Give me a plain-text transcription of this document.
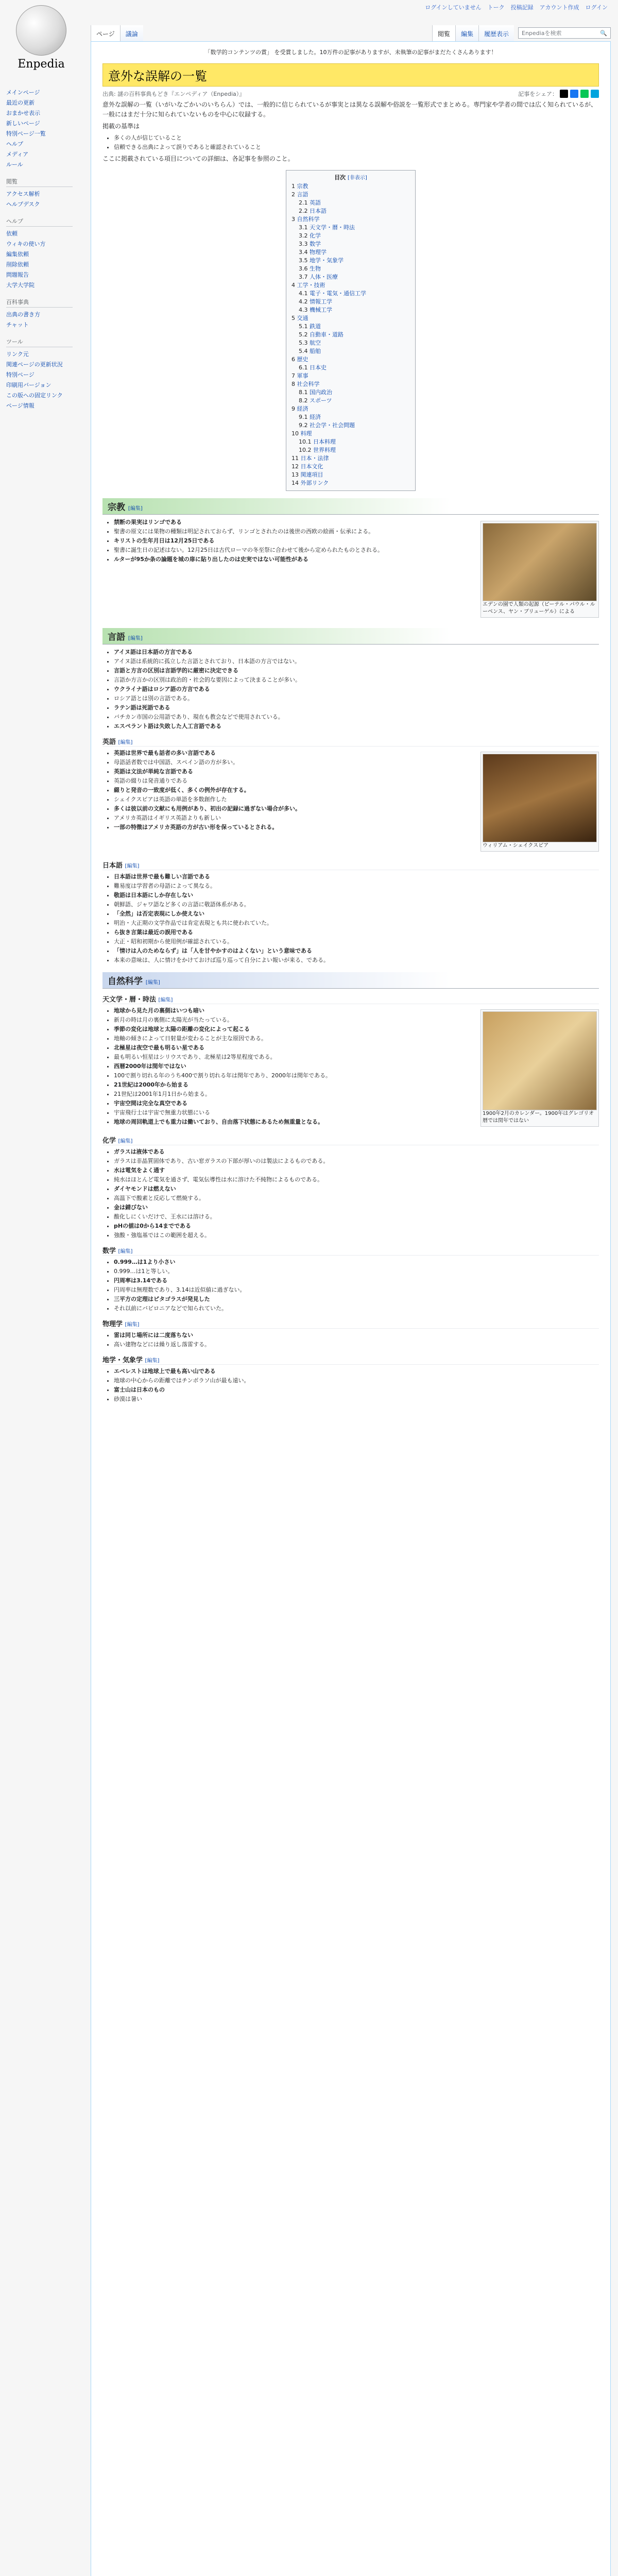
ログインしていません トーク 投稿記録 アカウント作成 ログイン
Enpedia
メインページ
最近の更新
おまかせ表示
新しいページ
特別ページ一覧
ヘルプ
メディア
ルール
閲覧
アクセス解析
ヘルプデスク
ヘルプ
依頼
ウィキの使い方
編集依頼
削除依頼
問題報告
大学大学院
百科事典
出典の書き方
チャット
ツール
リンク元
関連ページの更新状況
特別ページ
印刷用バージョン
この版への固定リンク
ページ情報
ページ	議論	閲覧	編集	履歴表示	Enpediaを検索	🔍
「数学的コンテンツの賞」 を受賞しました。10万件の記事がありますが、未執筆の記事がまだたくさんあります！
意外な誤解の一覧
出典: 謎の百科事典もどき『エンペディア（Enpedia）』	記事をシェア：

意外な誤解の一覧（いがいなごかいのいちらん）では、一般的に信じられているが事実とは異なる誤解や俗説を一覧形式でまとめる。専門家や学者の間では広く知られているが、一般にはまだ十分に知られていないものを中心に収録する。

掲載の基準は

• 多くの人が信じていること
• 信頼できる出典によって誤りであると確認されていること

ここに掲載されている項目についての詳細は、各記事を参照のこと。

目次 [非表示]
1 宗教
2 言語
2.1 英語
2.2 日本語
3 自然科学
3.1 天文学・暦・時法
3.2 化学
3.3 数学
3.4 物理学
3.5 地学・気象学
3.6 生物
3.7 人体・医療
4 工学・技術
4.1 電子・電気・通信工学
4.2 情報工学
4.3 機械工学
5 交通
5.1 鉄道
5.2 自動車・道路
5.3 航空
5.4 船舶
6 歴史
6.1 日本史
7 軍事
8 社会科学
8.1 国内政治
8.2 スポーツ
9 経済
9.1 経済
9.2 社会学・社会問題
10 料理
10.1 日本料理
10.2 世界料理
11 日本・法律
12 日本文化
13 関連項目
14 外部リンク
宗教 [編集]
エデンの園で人類の起源（ピーテル・パウル・ルーベンス、ヤン・ブリューゲル）による
• 禁断の果実はリンゴである
• 聖書の原文には果物の種類は明記されておらず、リンゴとされたのは後世の西欧の絵画・伝承による。
• キリストの生年月日は12月25日である
• 聖書に誕生日の記述はない。12月25日は古代ローマの冬至祭に合わせて後から定められたものとされる。
• ルターが95か条の論題を城の扉に貼り出したのは史実ではない可能性がある
言語 [編集]
• アイヌ語は日本語の方言である
• アイヌ語は系統的に孤立した言語とされており、日本語の方言ではない。
• 言語と方言の区別は言語学的に厳密に決定できる
• 言語か方言かの区別は政治的・社会的な要因によって決まることが多い。
• ウクライナ語はロシア語の方言である
• ロシア語とは別の言語である。
• ラテン語は死語である
• バチカン市国の公用語であり、現在も教会などで使用されている。
• エスペラント語は失敗した人工言語である
英語 [編集]
ウィリアム・シェイクスピア
• 英語は世界で最も話者の多い言語である
• 母語話者数では中国語、スペイン語の方が多い。
• 英語は文法が単純な言語である
• 英語の綴りは発音通りである
• 綴りと発音の一致度が低く、多くの例外が存在する。
• シェイクスピアは英語の単語を多数創作した
• 多くは彼以前の文献にも用例があり、初出の記録に過ぎない場合が多い。
• アメリカ英語はイギリス英語よりも新しい
• 一部の特徴はアメリカ英語の方が古い形を保っているとされる。
日本語 [編集]
• 日本語は世界で最も難しい言語である
• 難易度は学習者の母語によって異なる。
• 敬語は日本語にしか存在しない
• 朝鮮語、ジャワ語など多くの言語に敬語体系がある。
• 「全然」は否定表現にしか使えない
• 明治・大正期の文学作品では肯定表現とも共に使われていた。
• ら抜き言葉は最近の誤用である
• 大正・昭和初期から使用例が確認されている。
• 「情けは人のためならず」は「人を甘やかすのはよくない」という意味である
• 本来の意味は、人に情けをかけておけば巡り巡って自分によい報いが来る、である。
自然科学 [編集]
天文学・暦・時法 [編集]
1900年2月のカレンダー。1900年はグレゴリオ暦では閏年ではない
• 地球から見た月の裏側はいつも暗い
• 新月の時は月の裏側に太陽光が当たっている。
• 季節の変化は地球と太陽の距離の変化によって起こる
• 地軸の傾きによって日射量が変わることが主な原因である。
• 北極星は夜空で最も明るい星である
• 最も明るい恒星はシリウスであり、北極星は2等星程度である。
• 西暦2000年は閏年ではない
• 100で割り切れる年のうち400で割り切れる年は閏年であり、2000年は閏年である。
• 21世紀は2000年から始まる
• 21世紀は2001年1月1日から始まる。
• 宇宙空間は完全な真空である
• 宇宙飛行士は宇宙で無重力状態にいる
• 地球の周回軌道上でも重力は働いており、自由落下状態にあるため無重量となる。
化学 [編集]
• ガラスは液体である
• ガラスは非晶質固体であり、古い窓ガラスの下部が厚いのは製法によるものである。
• 水は電気をよく通す
• 純水はほとんど電気を通さず、電気伝導性は水に溶けた不純物によるものである。
• ダイヤモンドは燃えない
• 高温下で酸素と反応して燃焼する。
• 金は錆びない
• 酸化しにくいだけで、王水には溶ける。
• pHの値は0から14までである
• 強酸・強塩基ではこの範囲を超える。
数学 [編集]
• 0.999…は1より小さい
• 0.999…は1と等しい。
• 円周率は3.14である
• 円周率は無理数であり、3.14は近似値に過ぎない。
• 三平方の定理はピタゴラスが発見した
• それ以前にバビロニアなどで知られていた。
物理学 [編集]
• 雷は同じ場所には二度落ちない
• 高い建物などには繰り返し落雷する。
地学・気象学 [編集]
• エベレストは地球上で最も高い山である
• 地球の中心からの距離ではチンボラソ山が最も遠い。
• 富士山は日本のもの
• 砂漠は暑い
